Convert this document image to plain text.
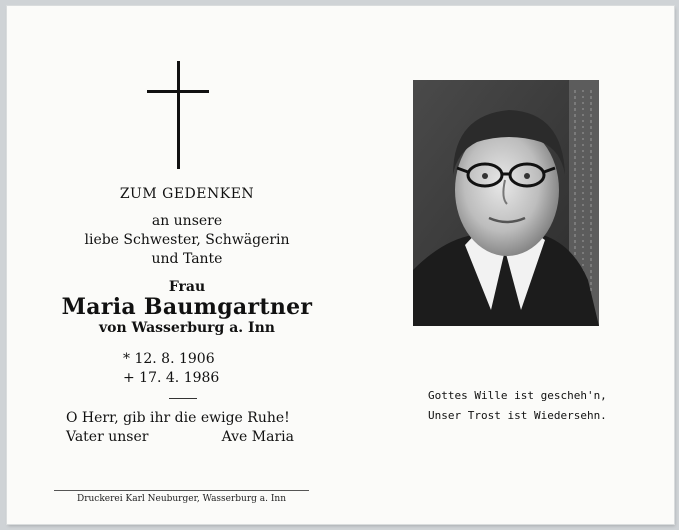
ZUM GEDENKEN
an unsere
liebe Schwester, Schwägerin
und Tante
Frau
Maria Baumgartner
von Wasserburg a. Inn
* 12. 8. 1906
+ 17. 4. 1986
O Herr, gib ihr die ewige Ruhe!
Vater unser	Ave Maria
Druckerei Karl Neuburger, Wasserburg a. Inn
Gottes Wille ist gescheh'n,
Unser Trost ist Wiedersehn.
